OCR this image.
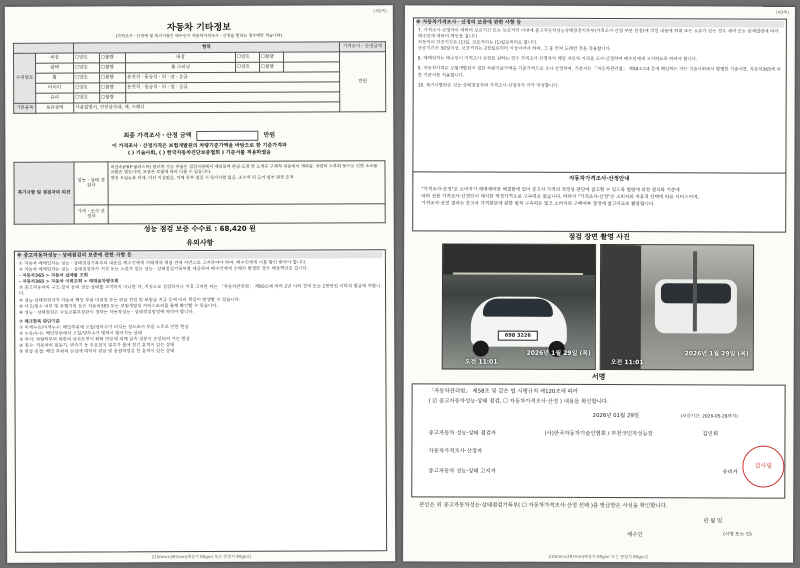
(제2쪽)
자동차 기타정보
(가격조사ㆍ산정액 및 특기사항은 매수인이 자동차가격조사ㆍ산정을 원하는 경우에만 적습니다)
		항목						가격조사ㆍ산정금액
수리필요	외장	☐양호	☐불량	내장	☐양호	☐불량		만원
	광택	☐양호	☐불량	룸 크리닝	☐양호	☐불량		
	휠	☐양호	☐불량	운전석 · 동승석 · 뒤 · 앞 · 응급				
	타이어	☐양호	☐불량	운전석 · 동승석 · 뒤 · 앞 · 응급				
	유리	☐양호	☐불량					
기본품목	보유상태	사용설명서, 안전삼각대, 잭, 스패너						
최종 가격조사ㆍ산정 금액	만원
이 가격조사ㆍ산정가격은 보험개발원의 차량기준가액을 바탕으로 한 기준가격과
( ) 기술사회, ( ) 한국자동차진단보증협회 ) 기준서를 적용하였음
특기사항 및 점검자의 의견	성능ㆍ상태 점검자	비금속(FRP·플라스틱) 탈부착 가능 부품은 점검사항에서 제외되며 판금·도장 및 도색은 구체적 내용에서 제외됨. 차량의 노후화 등으로 인한 소모품 교환은 별도이며, 보증은 부품에 따라 다를 수 있습니다.
엔진 오일누유 미세, 미션 이상없음, 차체 하부 점검 시 특이사항 없음. 조수석 뒤 도어 일부 판금 흔적

	가격ㆍ조사 산정자	
성능 점검 보증 수수료 : 68,420 원
유의사항
※ 중고자동차성능ㆍ상태점검의 보증에 관한 사항 등
① 자동차 매매업자는 성능ㆍ상태점검기록부의 내용을 매수인에게 거래계약 체결 전에 서면으로 고지하여야 하며, 매수인에게 이를 확인 받아야 합니다.
② 자동차 매매업자는 성능ㆍ상태점검자가 거짓 또는 오류가 있는 성능ㆍ상태점검기록부를 제공하여 매수인에게 손해가 발생한 경우 배상책임을 집니다.
- 자동차365 > 자동차 실매물 조회
- 자동차365 > 자동차 이력조회 > 매매용차량조회
③ 중고자동차의 구조·장치 등의 성능·상태를 고지하지 아니한 자, 거짓으로 점검하거나 거짓 고지한 자는 「자동차관리법」 제80조에 따라 2년 이하 징역 또는 2천만원 이하의 벌금에 처합니다.
④ 성능·상태점검자가 자동차 해당 부위 미점검 또는 판금 점검 및 보험금 지급 등에 따라 책임이 발생할 수 있습니다.
⑤ 사고/침수 여부 및 주행거리 등은 자동차365 또는 보험개발원 카히스토리를 통해 확인할 수 있습니다.
⑥ 성능ㆍ상태점검은 국토교통부장관이 정하는 자동차성능ㆍ상태점검방법에 따라야 합니다.
⑦ 체크항목 판단기준
① 미세누유/미세누수: 해당부위에 오일/냉각수가 비치는 정도로서 부품 노후로 인한 현상
② 누유/누수: 해당부위에서 오일/냉각수가 맺혀서 떨어지는 상태
③ 부식: 차량하부와 외판의 금속표면이 화학 반응에 의해 금속 성분이 손실되어 가는 현상
④ 침수: 자동차의 원동기, 변속기 등 주요장치 일부가 물에 잠긴 흔적이 있는 상태
⑤ 판금·용접: 해당 부위의 손상에 대하여 판금 및 용접작업을 한 흔적이 있는 상태
210mm×297mm[백상지 80g/㎡ 또는 중질지 80g/㎡]
(제3쪽)
※ 자동차가격조사ㆍ산정의 보증에 관한 사항 등
7. 가격조사·산정자의 대하여 보증기간 또는 보증거리 이내에 중고자동차성능상태점검기록부(가격조사·산정 부분 한정)에 적힌 내용에 허위 또는 오류가 있는 경우 계약 또는 관계법령에 따라 매수인에 대하여 책임을 집니다.
자동차의 보증기간은 (1)일, 보증거리는 (1)킬로미터로 합니다.
보증기간은 30일이상, 보증거리는 2천킬로미터 이상이어야 하며, 그 중 먼저 도래한 것을 적용합니다.
8. 매매업자는 매수인이 가격조사·산정을 원하는 경우 가격조사·산정자가 해당 자동차 가격을 조사·산정하여 매수인에게 고지하도록 하여야 합니다.
9. 자동차가격은 보험개발원이 정한 차량기준가액을 기준가격으로 조사·산정하며, 기준서는 「자동차관리법」 제58조의4 등에 해당하는 자는 기술사회에서 발행한 기준서를, 자동차365에 의한 기준서를 적용합니다.
10. 특기사항란은 성능·상태점검자와 가격조사·산정자가 각각 작성합니다.
자동차가격조사·산정안내
"가격조사·산정"은 소비자가 매매계약을 체결함에 있어 중고차 가격의 적정성 판단에 참고할 수 있도록 법령에 의한 절차와 기준에
따라 전문 가격조사·산정인이 제시한 적정가격으로 구속력은 없습니다. 따라서 "가격조사·산정"은 소비자의 자율적 선택에 따른 서비스이며,
가격조사·산정 결과는 중고차 가격판단에 관한 법적 구속력은 없고 소비자의 구매여부 결정에 참고자료로 활용됩니다.
점검 장면 촬영 사진
698 3226
2026년 1월 29일 (목)
오전 11:01
2026년 1월 29일 (목)
오전 11:01
서명
「자동차관리법」 제58조 및 같은 법 시행규칙 제120조에 따라
( ☑ 중고자동차성능·상태 점검, ☐ 자동차가격조사·산정 ) 내용을 확인합니다.
2026년 01월 29일	(보증기간: 2026-05-28까지)
중고자동차 성능·상태 점검자	(사)한국자동차기술인협회 / 부천국민자성능장	김인희
자동차가격조사·산정자
중고자동차 성능·상태 고지자	유비카
검사필
본인은 위 중고자동차성능·상태점검기록부( ☐ 자동차가격조사·산정 선택 )를 발급받은 사실을 확인합니다.
년 월 일
매수인	(서명 또는 인)
210mm×297mm[백상지 80g/㎡ 또는 중질지 80g/㎡]
